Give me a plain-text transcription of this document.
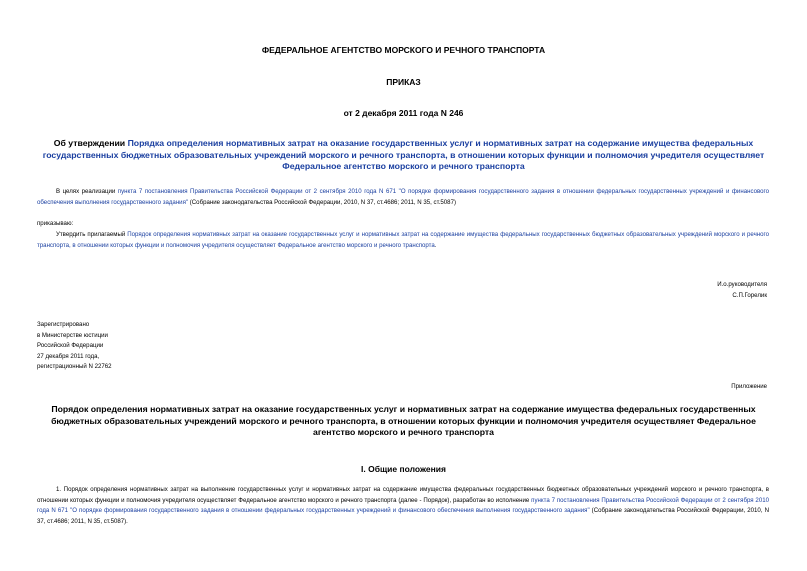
ФЕДЕРАЛЬНОЕ АГЕНТСТВО МОРСКОГО И РЕЧНОГО ТРАНСПОРТА
ПРИКАЗ
от 2 декабря 2011 года N 246
Об утверждении Порядка определения нормативных затрат на оказание государственных услуг и нормативных затрат на содержание имущества федеральных государственных бюджетных образовательных учреждений морского и речного транспорта, в отношении которых функции и полномочия учредителя осуществляет Федеральное агентство морского и речного транспорта
В целях реализации пункта 7 постановления Правительства Российской Федерации от 2 сентября 2010 года N 671 "О порядке формирования государственного задания в отношении федеральных государственных учреждений и финансового обеспечения выполнения государственного задания" (Собрание законодательства Российской Федерации, 2010, N 37, ст.4686; 2011, N 35, ст.5087)
приказываю:
Утвердить прилагаемый Порядок определения нормативных затрат на оказание государственных услуг и нормативных затрат на содержание имущества федеральных государственных бюджетных образовательных учреждений морского и речного транспорта, в отношении которых функции и полномочия учредителя осуществляет Федеральное агентство морского и речного транспорта.
И.о.руководителя
С.П.Горелик
Зарегистрировано
в Министерстве юстиции
Российской Федерации
27 декабря 2011 года,
регистрационный N 22762
Приложение
Порядок определения нормативных затрат на оказание государственных услуг и нормативных затрат на содержание имущества федеральных государственных бюджетных образовательных учреждений морского и речного транспорта, в отношении которых функции и полномочия учредителя осуществляет Федеральное агентство морского и речного транспорта
I. Общие положения
1. Порядок определения нормативных затрат на выполнение государственных услуг и нормативных затрат на содержание имущества федеральных государственных бюджетных образовательных учреждений морского и речного транспорта, в отношении которых функции и полномочия учредителя осуществляет Федеральное агентство морского и речного транспорта (далее - Порядок), разработан во исполнение пункта 7 постановления Правительства Российской Федерации от 2 сентября 2010 года N 671 "О порядке формирования государственного задания в отношении федеральных государственных учреждений и финансового обеспечения выполнения государственного задания" (Собрание законодательства Российской Федерации, 2010, N 37, ст.4686; 2011, N 35, ст.5087).
